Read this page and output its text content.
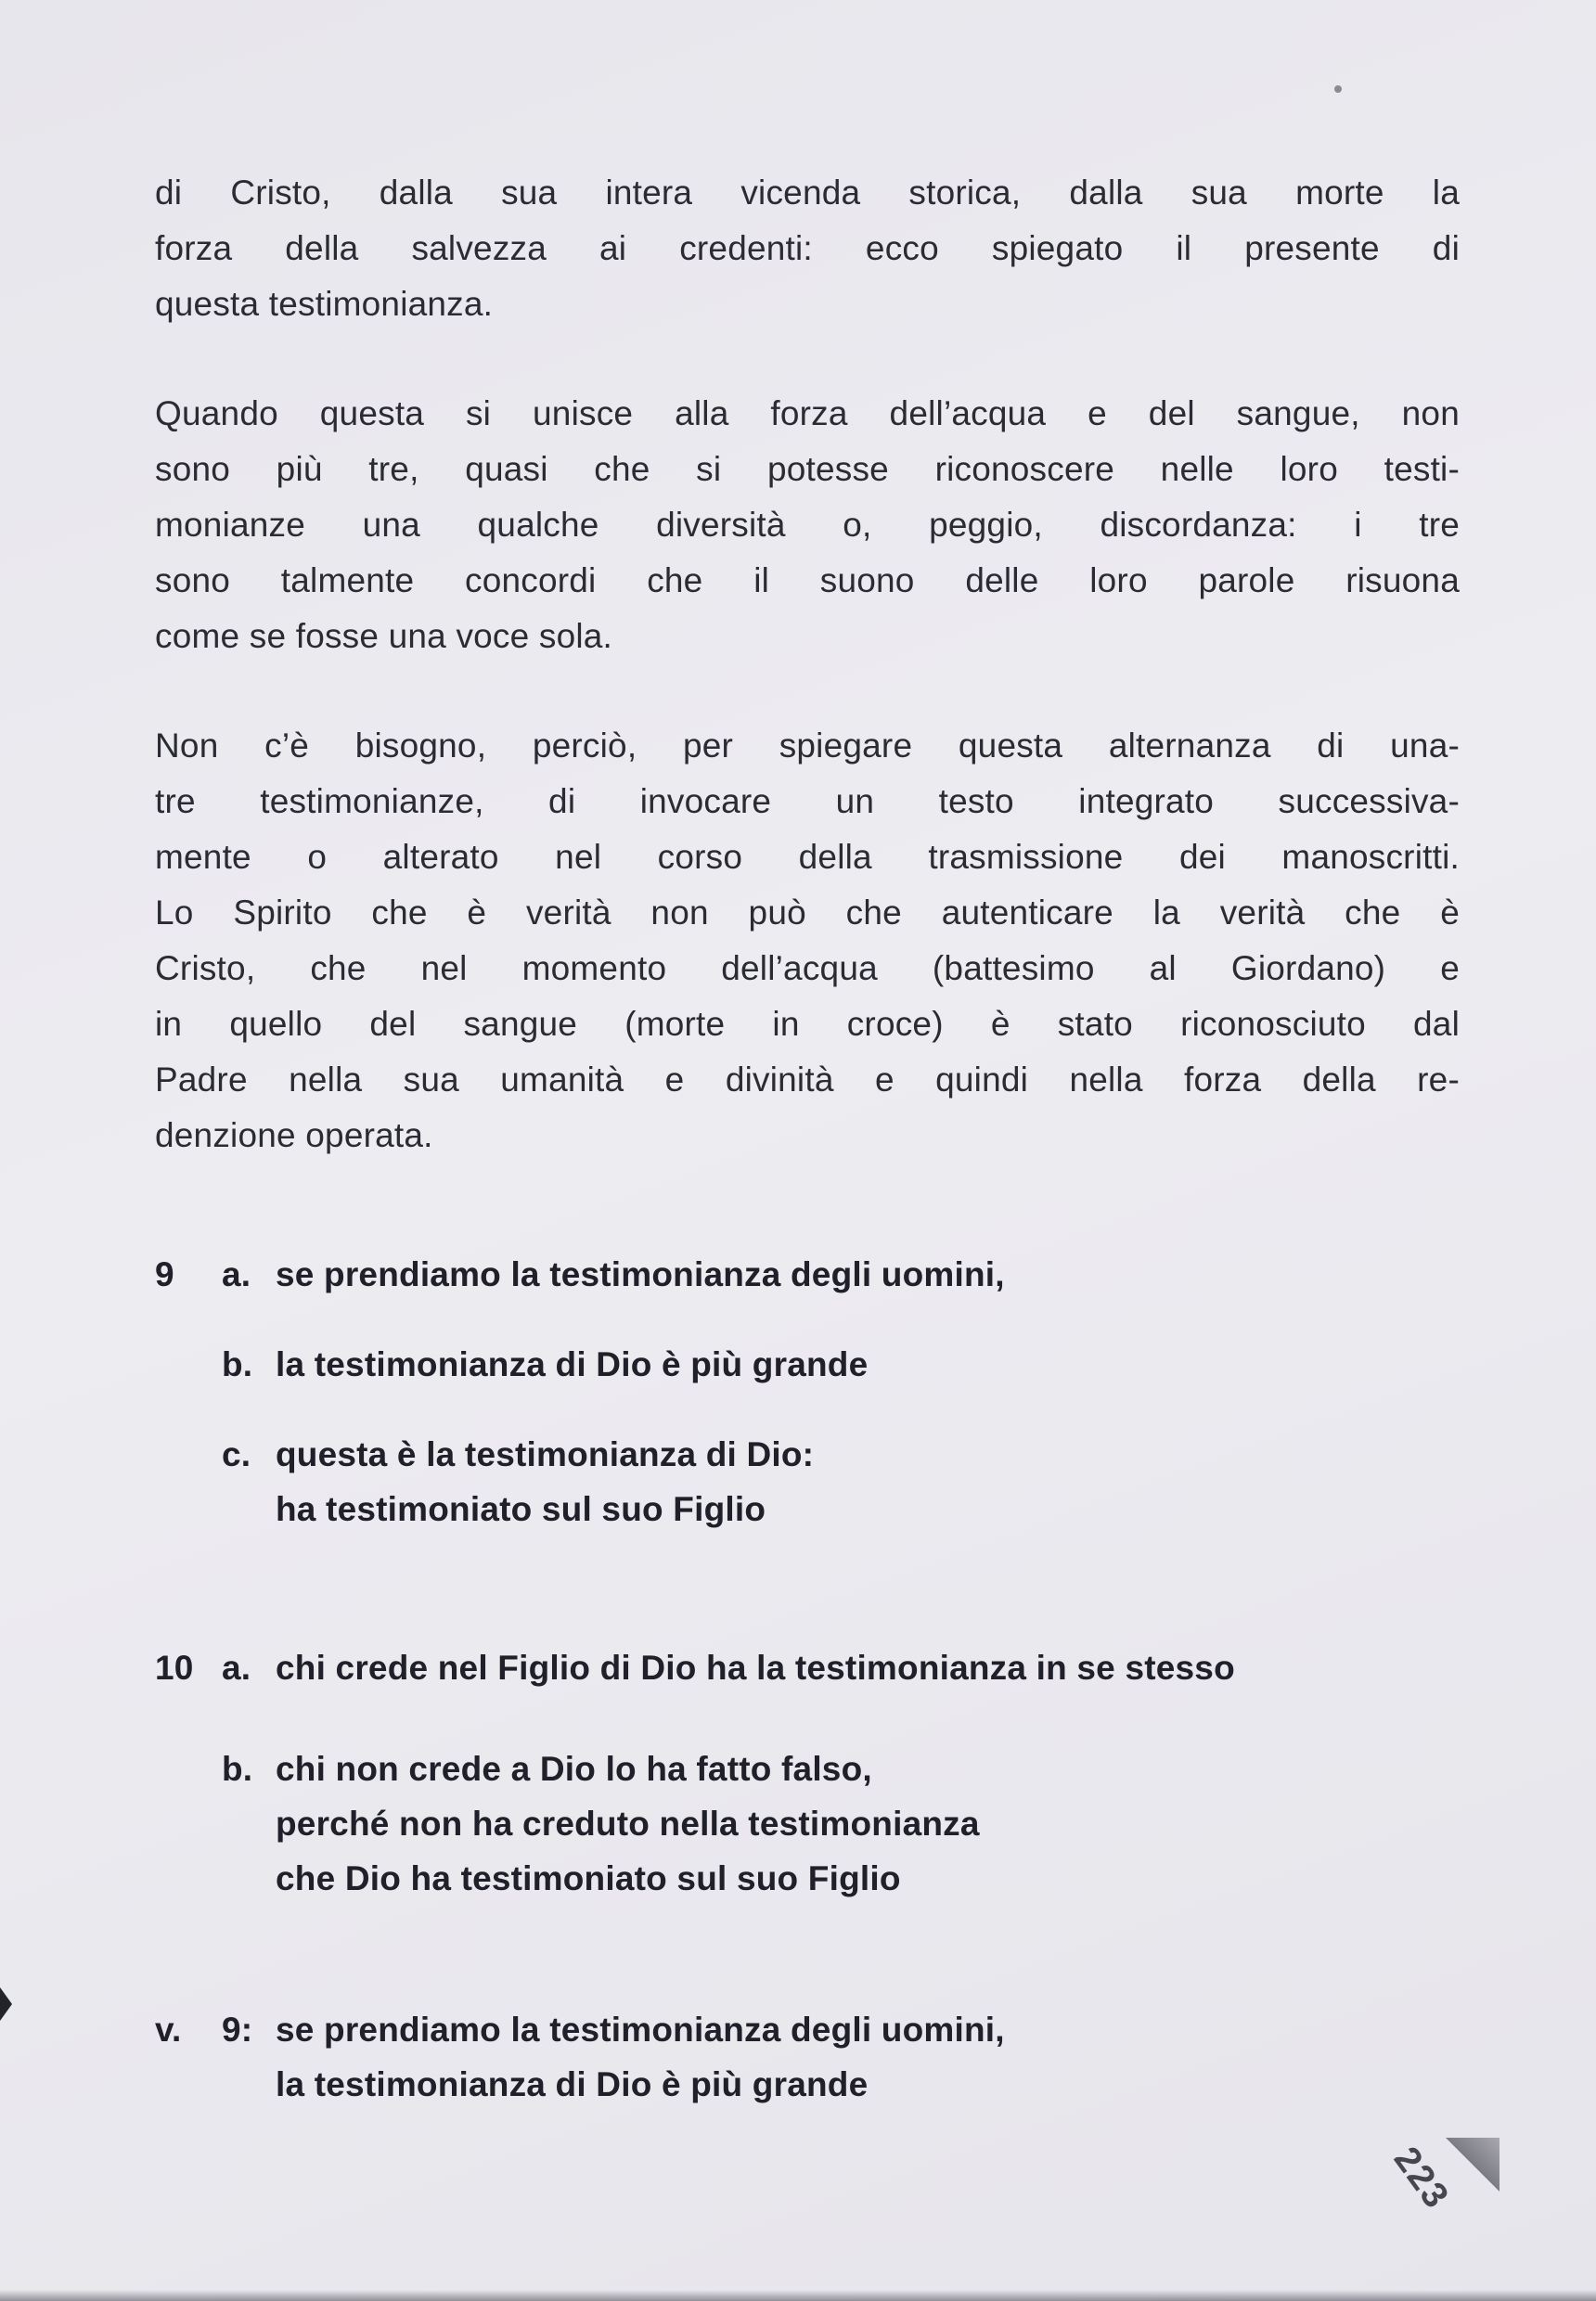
di Cristo, dalla sua intera vicenda storica, dalla sua morte la
forza della salvezza ai credenti: ecco spiegato il presente di
questa testimonianza.

Quando questa si unisce alla forza dell’acqua e del sangue, non
sono più tre, quasi che si potesse riconoscere nelle loro testi-
monianze una qualche diversità o, peggio, discordanza: i tre
sono talmente concordi che il suono delle loro parole risuona
come se fosse una voce sola.

Non c’è bisogno, perciò, per spiegare questa alternanza di una-
tre testimonianze, di invocare un testo integrato successiva-
mente o alterato nel corso della trasmissione dei manoscritti.
Lo Spirito che è verità non può che autenticare la verità che è
Cristo, che nel momento dell’acqua (battesimo al Giordano) e
in quello del sangue (morte in croce) è stato riconosciuto dal
Padre nella sua umanità e divinità e quindi nella forza della re-
denzione operata.

9	a. se prendiamo la testimonianza degli uomini,
b. la testimonianza di Dio è più grande
c. questa è la testimonianza di Dio:
ha testimoniato sul suo Figlio
10 a. chi crede nel Figlio di Dio ha la testimonianza in se stesso
b. chi non crede a Dio lo ha fatto falso,
perché non ha creduto nella testimonianza
che Dio ha testimoniato sul suo Figlio
v.	9: se prendiamo la testimonianza degli uomini,
la testimonianza di Dio è più grande
223
